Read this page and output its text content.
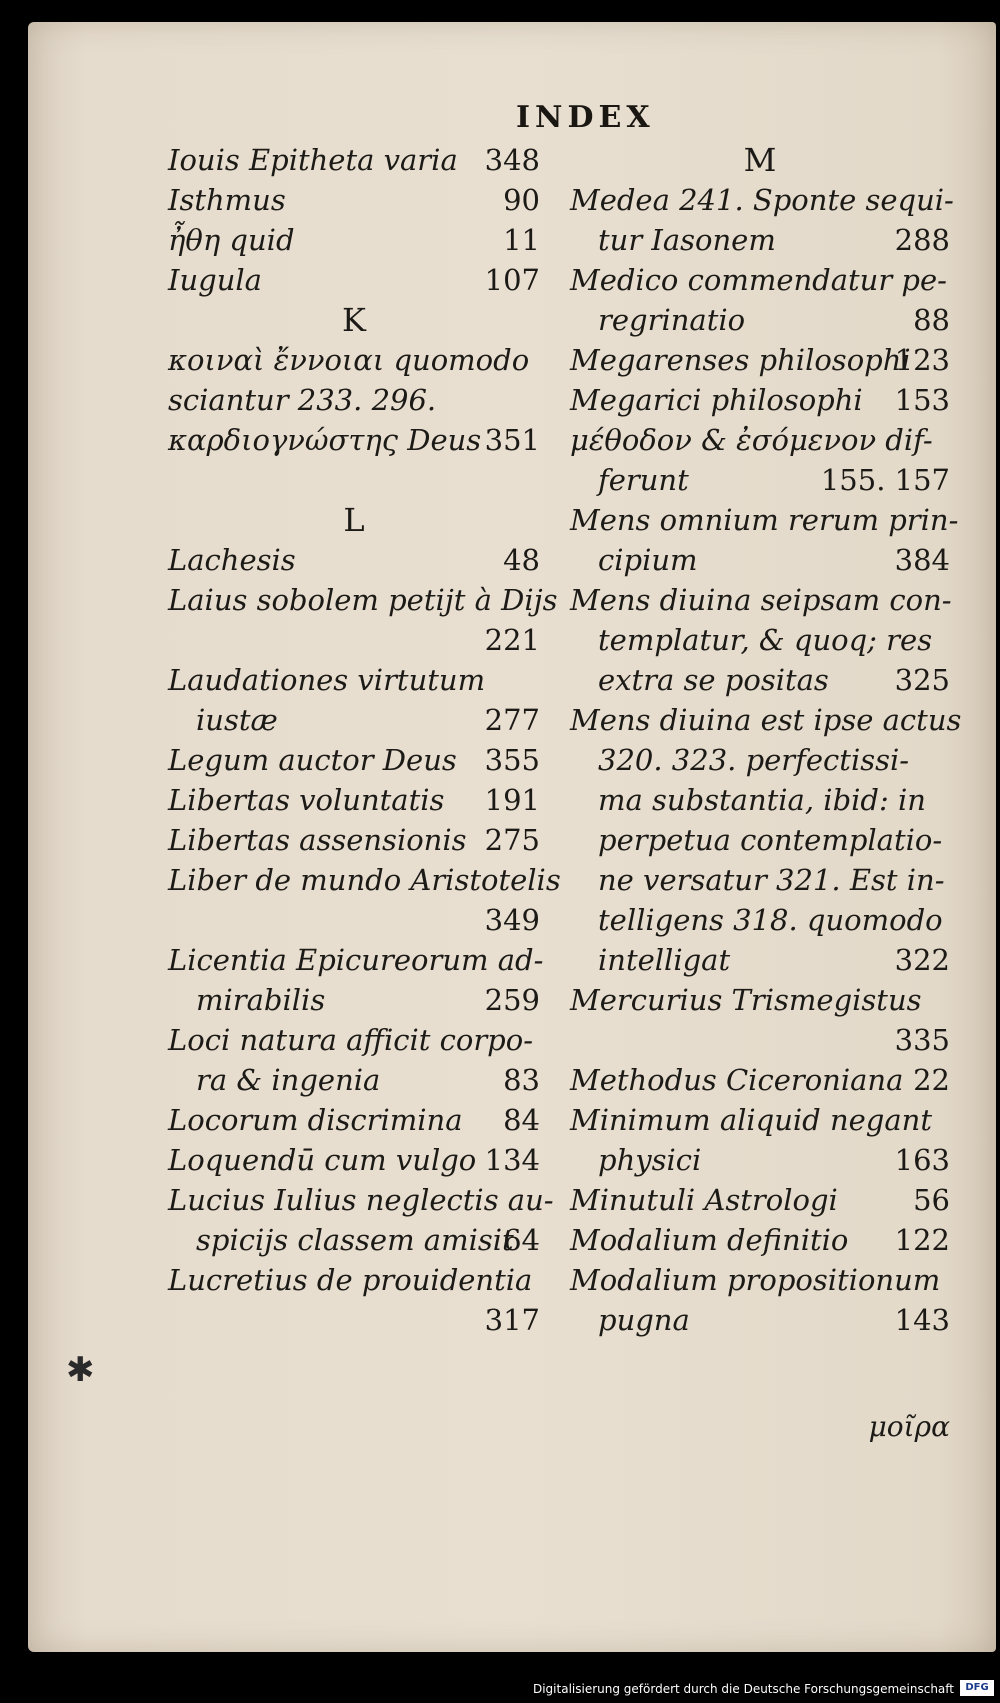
INDEX
Iouis Epitheta varia 348
Isthmus	90
ἦθη quid	11
Iugula	107
K
κοιναὶ ἔννοιαι quomodo
sciantur 233. 296.
καρδιογνώστης Deus 351
L
Lachesis	48
Laius sobolem petijt à Dijs
221
Laudationes virtutum
iustæ	277
Legum auctor Deus 355
Libertas voluntatis 191
Libertas assensionis 275
Liber de mundo Aristotelis
349
Licentia Epicureorum ad-
mirabilis	259
Loci natura afficit corpo-
ra & ingenia	83
Locorum discrimina 84
Loquendū cum vulgo 134
Lucius Iulius neglectis au-
spicijs classem amisit
64
Lucretius de prouidentia
317
M
Medea 241. Sponte sequi-
tur Iasonem	288
Medico commendatur pe-
regrinatio	88
Megarenses philosophi
123
Megarici philosophi 153
μέθοδον & ἐσόμενον dif-
ferunt	155. 157
Mens omnium rerum prin-
cipium	384
Mens diuina seipsam con-
templatur, & quoq; res
extra se positas 325
Mens diuina est ipse actus
320. 323. perfectissi-
ma substantia, ibid: in
perpetua contemplatio-
ne versatur 321. Est in-
telligens 318. quomodo
intelligat	322
Mercurius Trismegistus
335
Methodus Ciceroniana 22
Minimum aliquid negant
physici	163
Minutuli Astrologi	56
Modalium definitio 122
Modalium propositionum
pugna	143
✱
μοῖρα
Digitalisierung gefördert durch die Deutsche Forschungsgemeinschaft	DFG
